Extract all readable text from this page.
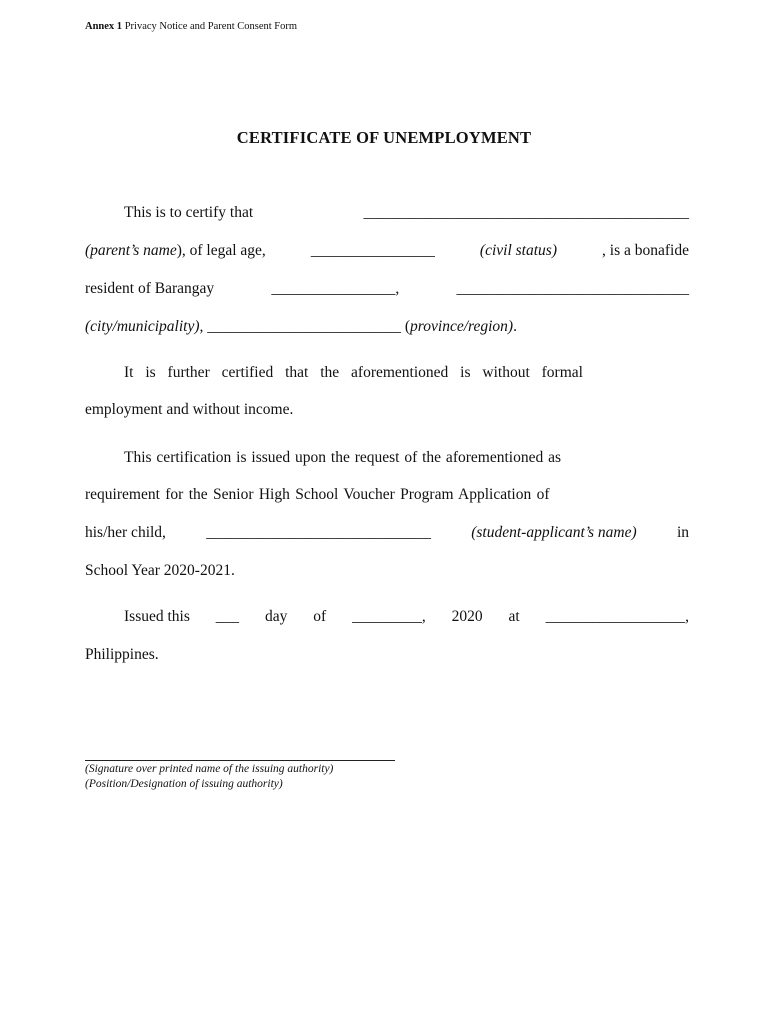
Annex 1 Privacy Notice and Parent Consent Form
CERTIFICATE OF UNEMPLOYMENT
This is to certify that	__________________________________________
(parent’s name), of legal age,	________________	(civil status)	, is a bonafide
resident of Barangay	________________,	______________________________
(city/municipality),
_________________________
(province/region).
It is further certified that the aforementioned is without formal
employment and without income.
This certification is issued upon the request of the aforementioned as
requirement for the Senior High School Voucher Program Application of
his/her child,	_____________________________	(student-applicant’s name)	in
School Year 2020-2021.
Issued this ___ day of _________, 2020 at __________________,
Philippines.
(Signature over printed name of the issuing authority)
(Position/Designation of issuing authority)
